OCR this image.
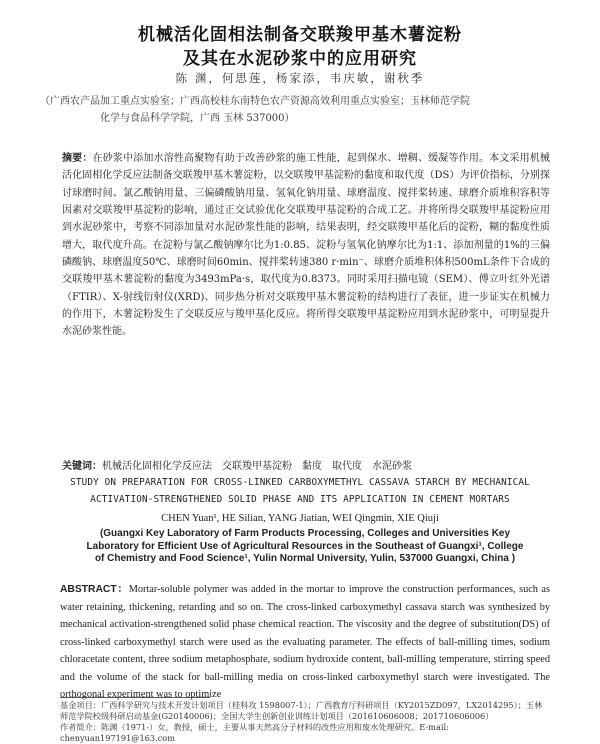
机械活化固相法制备交联羧甲基木薯淀粉
及其在水泥砂浆中的应用研究
陈 渊，何思莲，杨家添，韦庆敏，谢秋季
（广西农产品加工重点实验室；广西高校桂东南特色农产资源高效利用重点实验室；玉林师范学院
化学与食品科学学院，广西 玉林 537000）
摘要：在砂浆中添加水溶性高聚物有助于改善砂浆的施工性能，起到保水、增稠、缓凝等作用。本文采用机械活化固相化学反应法制备交联羧甲基木薯淀粉，以交联羧甲基淀粉的黏度和取代度（DS）为评价指标，分别探讨球磨时间、氯乙酸钠用量、三偏磷酸钠用量、氢氧化钠用量、球磨温度、搅拌桨转速、球磨介质堆积容积等因素对交联羧甲基淀粉的影响，通过正交试验优化交联羧甲基淀粉的合成工艺。并将所得交联羧甲基淀粉应用到水泥砂浆中，考察不同添加量对水泥砂浆性能的影响，结果表明，经交联羧甲基化后的淀粉，糊的黏度性质增大，取代度升高。在淀粉与氯乙酸钠摩尔比为1:0.85、淀粉与氢氧化钠摩尔比为1:1、添加剂量的1%的三偏磷酸钠、球磨温度50℃、球磨时间60min、搅拌桨转速380 r·min⁻、球磨介质堆积体积500mL条件下合成的交联羧甲基木薯淀粉的黏度为3493mPa·s，取代度为0.8373。同时采用扫描电镜（SEM）、傅立叶红外光谱（FTIR）、X-射线衍射仪(XRD)、同步热分析对交联羧甲基木薯淀粉的结构进行了表征，进一步证实在机械力的作用下，木薯淀粉发生了交联反应与羧甲基化反应。将所得交联羧甲基淀粉应用到水泥砂浆中，可明显提升水泥砂浆性能。
关键词：机械活化固相化学反应法　交联羧甲基淀粉　黏度　取代度　水泥砂浆
STUDY ON PREPARATION FOR CROSS-LINKED CARBOXYMETHYL CASSAVA STARCH BY MECHANICAL
ACTIVATION-STRENGTHENED SOLID PHASE AND ITS APPLICATION IN CEMENT MORTARS
CHEN Yuan¹, HE Silian, YANG Jiatian, WEI Qingmin, XIE Qiuji
(Guangxi Key Laboratory of Farm Products Processing, Colleges and Universities Key Laboratory for Efficient Use of Agricultural Resources in the Southeast of Guangxi¹, College of Chemistry and Food Science¹, Yulin Normal University, Yulin, 537000 Guangxi, China )
ABSTRACT：Mortar-soluble polymer was added in the mortar to improve the construction performances, such as water retaining, thickening, retarding and so on. The cross-linked carboxymethyl cassava starch was synthesized by mechanical activation-strengthened solid phase chemical reaction. The viscosity and the degree of substitution(DS) of cross-linked carboxymethyl starch were used as the evaluating parameter. The effects of ball-milling times, sodium chloracetate content, three sodium metaphosphate, sodium hydroxide content, ball-milling temperature, stirring speed and the volume of the stack for ball-milling media on cross-linked carboxymethyl starch were investigated. The orthogonal experiment was to optimize
基金项目：广西科学研究与技术开发计划项目（桂科攻 1598007-1）；广西教育厅科研项目（KY2015ZD097，LX2014295）；玉林师范学院校级科研启动基金(G20140006)；全国大学生创新创业训练计划项目（201610606008；201710606006）
作者简介：陈渊（1971-）女，教授，硕士，主要从事天然高分子材料的改性应用和废水处理研究。E-mail: chenyuan197191@163.com
